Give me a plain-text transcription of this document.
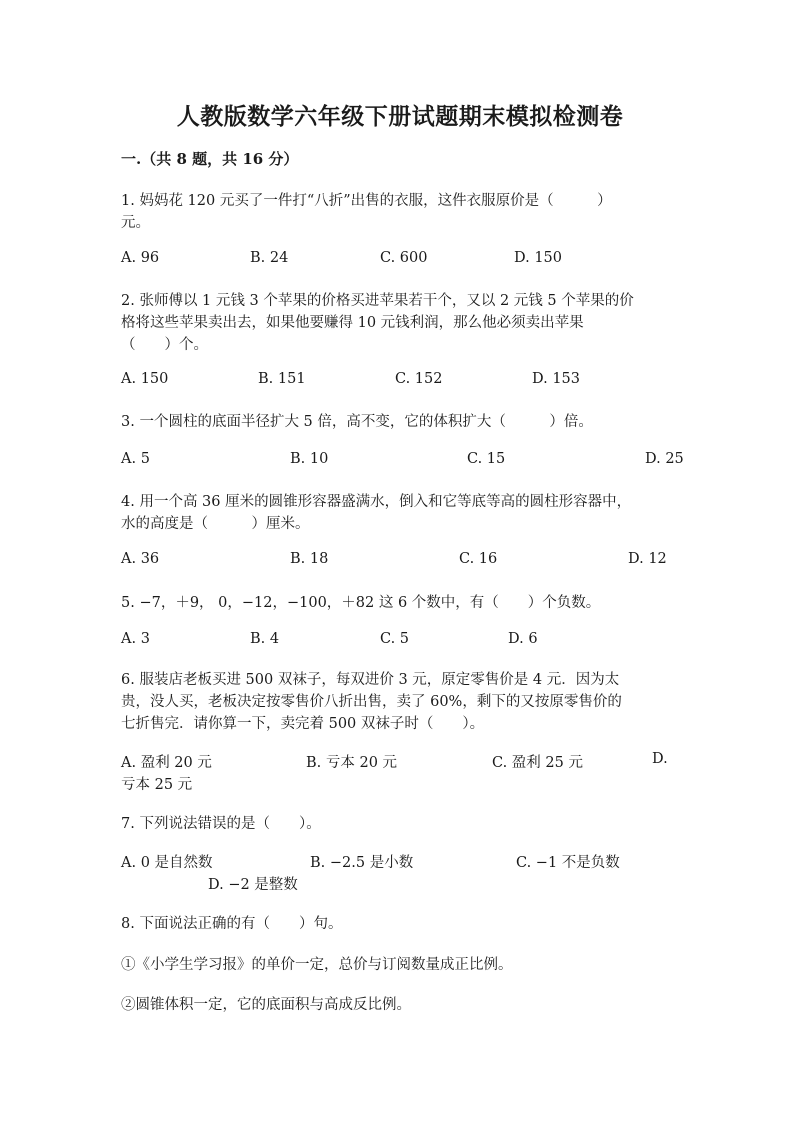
人教版数学六年级下册试题期末模拟检测卷
一.（共 8 题，共 16 分）
1. 妈妈花 120 元买了一件打“八折”出售的衣服，这件衣服原价是（　　　）
元。
A. 96	B. 24	C. 600	D. 150
2. 张师傅以 1 元钱 3 个苹果的价格买进苹果若干个，又以 2 元钱 5 个苹果的价
格将这些苹果卖出去，如果他要赚得 10 元钱利润，那么他必须卖出苹果
（　　）个。
A. 150	B. 151	C. 152	D. 153
3. 一个圆柱的底面半径扩大 5 倍，高不变，它的体积扩大（　　　）倍。
A. 5	B. 10	C. 15	D. 25
4. 用一个高 36 厘米的圆锥形容器盛满水，倒入和它等底等高的圆柱形容器中，
水的高度是（　　　）厘米。
A. 36	B. 18	C. 16	D. 12
5. −7，＋9， 0，−12，−100，＋82 这 6 个数中，有（　　）个负数。
A. 3	B. 4	C. 5	D. 6
6. 服装店老板买进 500 双袜子，每双进价 3 元，原定零售价是 4 元．因为太
贵，没人买，老板决定按零售价八折出售，卖了 60%，剩下的又按原零售价的
七折售完．请你算一下，卖完着 500 双袜子时（　　）。
A. 盈利 20 元	B. 亏本 20 元	C. 盈利 25 元	D.
亏本 25 元
7. 下列说法错误的是（　　）。
A. 0 是自然数	B. −2.5 是小数	C. −1 不是负数
D. −2 是整数
8. 下面说法正确的有（　　）句。
①《小学生学习报》的单价一定，总价与订阅数量成正比例。
②圆锥体积一定，它的底面积与高成反比例。
